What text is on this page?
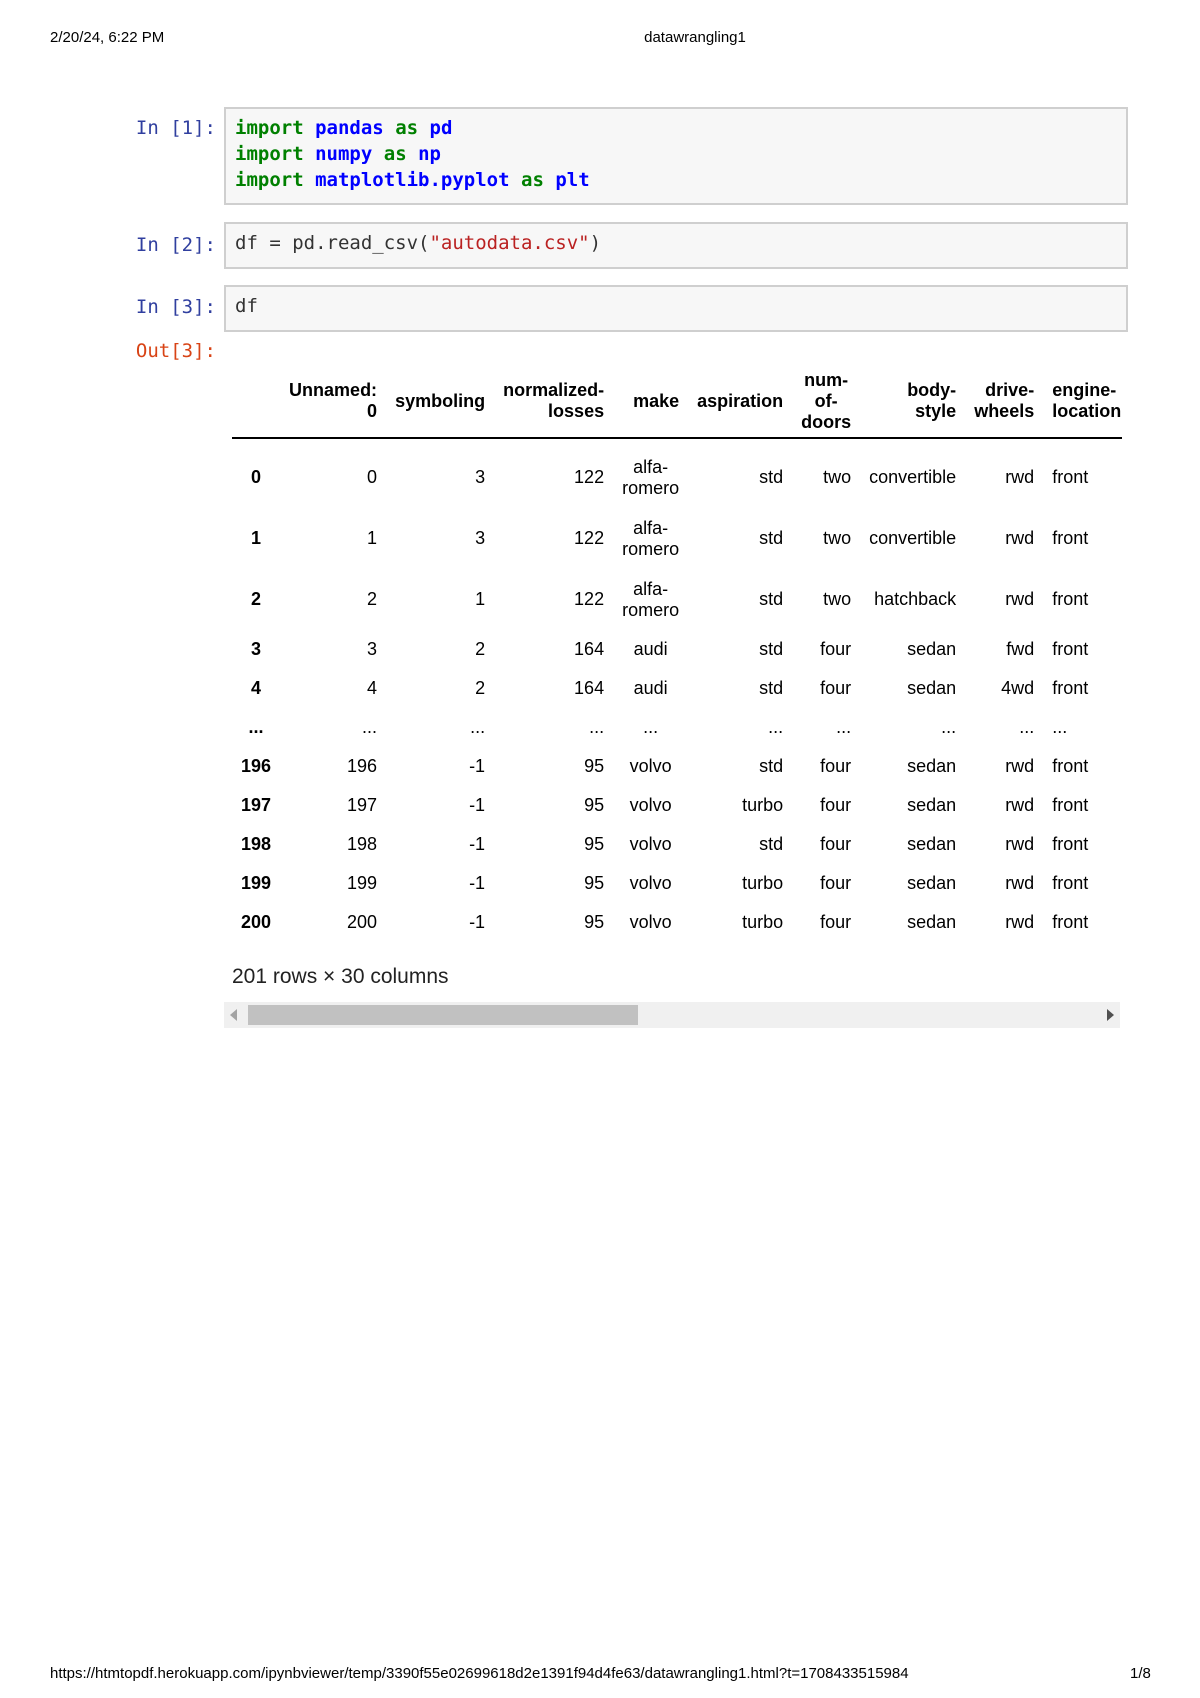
2/20/24, 6:22 PM	datawrangling1
In [1]: import pandas as pd
import numpy as np
import matplotlib.pyplot as plt
In [2]: df = pd.read_csv("autodata.csv")
In [3]: df
Out[3]:
	Unnamed: 0	symboling	normalized-losses	make	aspiration	num-of-doors	body-style	drive-wheels	engine-location
0	0	3	122	alfa-romero	std	two	convertible	rwd	front
1	1	3	122	alfa-romero	std	two	convertible	rwd	front
2	2	1	122	alfa-romero	std	two	hatchback	rwd	front
3	3	2	164	audi	std	four	sedan	fwd	front
4	4	2	164	audi	std	four	sedan	4wd	front
...	...	...	...	...	...	...	...	...	...
196	196	-1	95	volvo	std	four	sedan	rwd	front
197	197	-1	95	volvo	turbo	four	sedan	rwd	front
198	198	-1	95	volvo	std	four	sedan	rwd	front
199	199	-1	95	volvo	turbo	four	sedan	rwd	front
200	200	-1	95	volvo	turbo	four	sedan	rwd	front
201 rows × 30 columns
https://htmtopdf.herokuapp.com/ipynbviewer/temp/3390f55e02699618d2e1391f94d4fe63/datawrangling1.html?t=1708433515984	1/8
